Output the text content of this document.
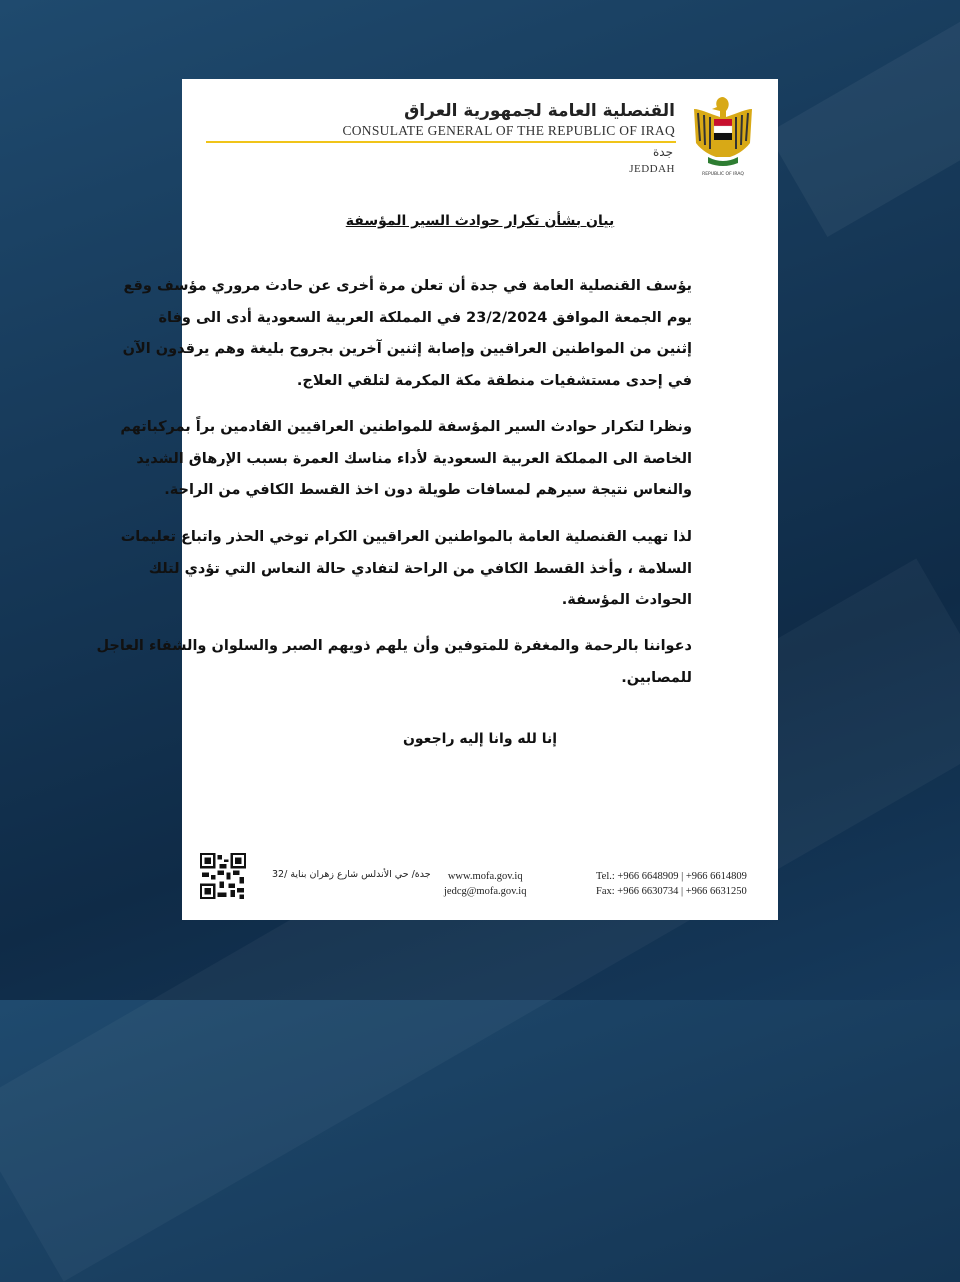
القنصلية العامة لجمهورية العراق
CONSULATE GENERAL OF THE REPUBLIC OF IRAQ
جدة
JEDDAH	REPUBLIC OF IRAQ
بيان بشأن تكرار حوادث السير المؤسفة
يؤسف القنصلية العامة في جدة أن تعلن مرة أخرى عن حادث مروري مؤسف وقع
يوم الجمعة الموافق 23/2/2024 في المملكة العربية السعودية أدى الى وفاة
إثنين من المواطنين العراقيين وإصابة إثنين آخرين بجروح بليغة وهم يرقدون الآن
في إحدى مستشفيات منطقة مكة المكرمة لتلقي العلاج.
ونظرا لتكرار حوادث السير المؤسفة للمواطنين العراقيين القادمين براً بمركباتهم
الخاصة الى المملكة العربية السعودية لأداء مناسك العمرة بسبب الإرهاق الشديد
والنعاس نتيجة سيرهم لمسافات طويلة دون اخذ القسط الكافي من الراحة.
لذا تهيب القنصلية العامة بالمواطنين العراقيين الكرام توخي الحذر واتباع تعليمات
السلامة ، وأخذ القسط الكافي من الراحة لتفادي حالة النعاس التي تؤدي لتلك
الحوادث المؤسفة.
دعواننا بالرحمة والمغفرة للمتوفين وأن يلهم ذويهم الصبر والسلوان والشفاء العاجل
للمصابين.
إنا لله وانا إليه راجعون
جدة/ حي الأندلس شارع زهران بناية /32	www.mofa.gov.iq
jedcg@mofa.gov.iq
Tel.: +966 6648909 | +966 6614809
Fax: +966 6630734 | +966 6631250
